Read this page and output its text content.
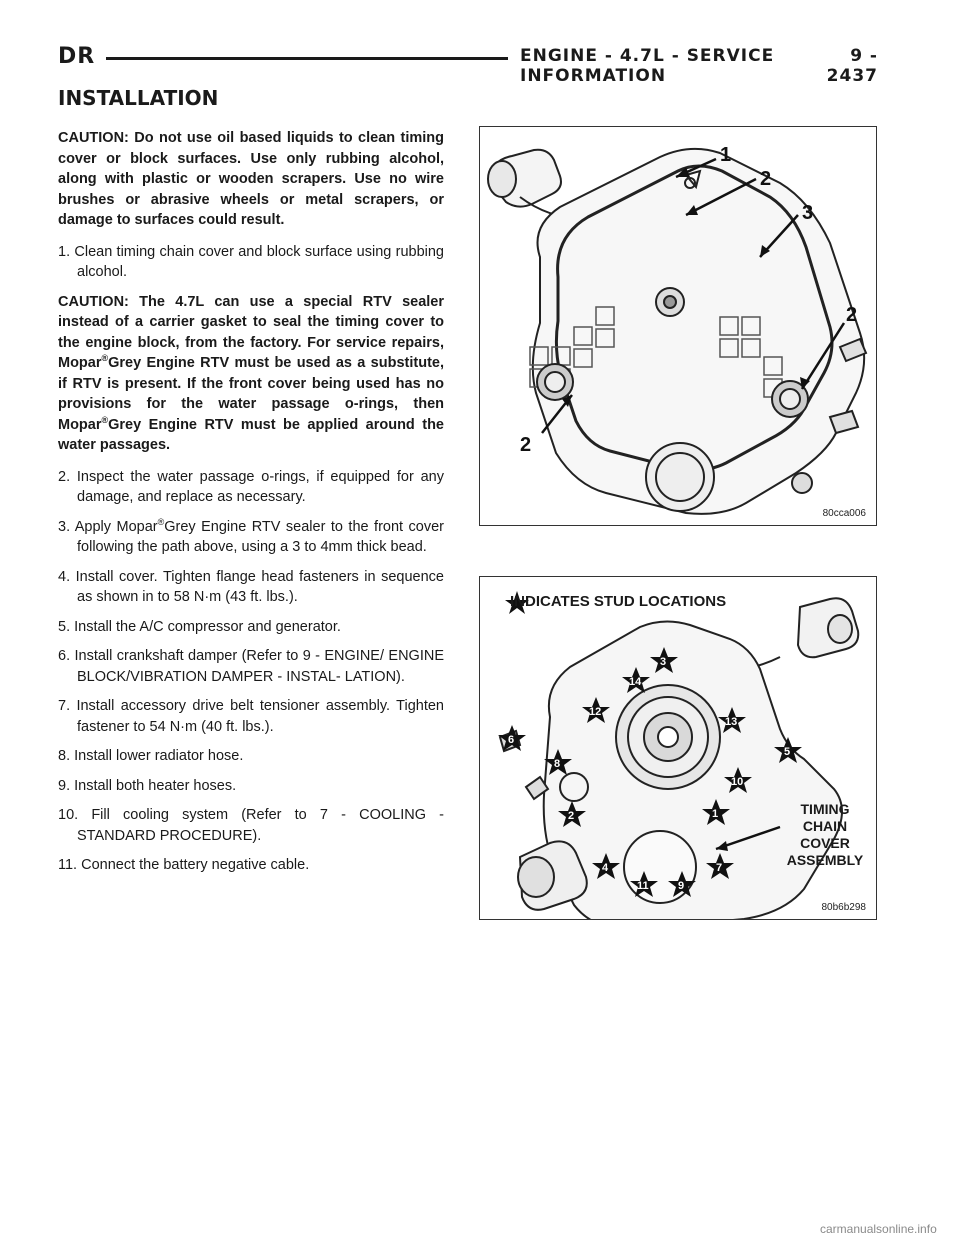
DR	ENGINE - 4.7L - SERVICE INFORMATION
9 - 2437
INSTALLATION

CAUTION: Do not use oil based liquids to clean timing cover or block surfaces. Use only rubbing alcohol, along with plastic or wooden scrapers. Use no wire brushes or abrasive wheels or metal scrapers, or damage to surfaces could result.

1. Clean timing chain cover and block surface using rubbing alcohol.

CAUTION: The 4.7L can use a special RTV sealer instead of a carrier gasket to seal the timing cover to the engine block, from the factory. For service repairs, Mopar®Grey Engine RTV must be used as a substitute, if RTV is present. If the front cover being used has no provisions for the water passage o-rings, then Mopar®Grey Engine RTV must be applied around the water passages.

2. Inspect the water passage o-rings, if equipped for any damage, and replace as necessary.

3. Apply Mopar®Grey Engine RTV sealer to the front cover following the path above, using a 3 to 4mm thick bead.

4. Install cover. Tighten flange head fasteners in sequence as shown in to 58 N·m (43 ft. lbs.).

5. Install the A/C compressor and generator.

6. Install crankshaft damper (Refer to 9 - ENGINE/ ENGINE BLOCK/VIBRATION DAMPER - INSTAL- LATION).

7. Install accessory drive belt tensioner assembly. Tighten fastener to 54 N·m (40 ft. lbs.).

8. Install lower radiator hose.

9. Install both heater hoses.

10. Fill cooling system (Refer to 7 - COOLING - STANDARD PROCEDURE).

11. Connect the battery negative cable.

1
2
3
2
2
80cca006
3
14
12
13
6
5
8
10
2	1
4
11	9
7
INDICATES STUD LOCATIONS
TIMING
CHAIN
COVER
ASSEMBLY
80b6b298
carmanualsonline.info
